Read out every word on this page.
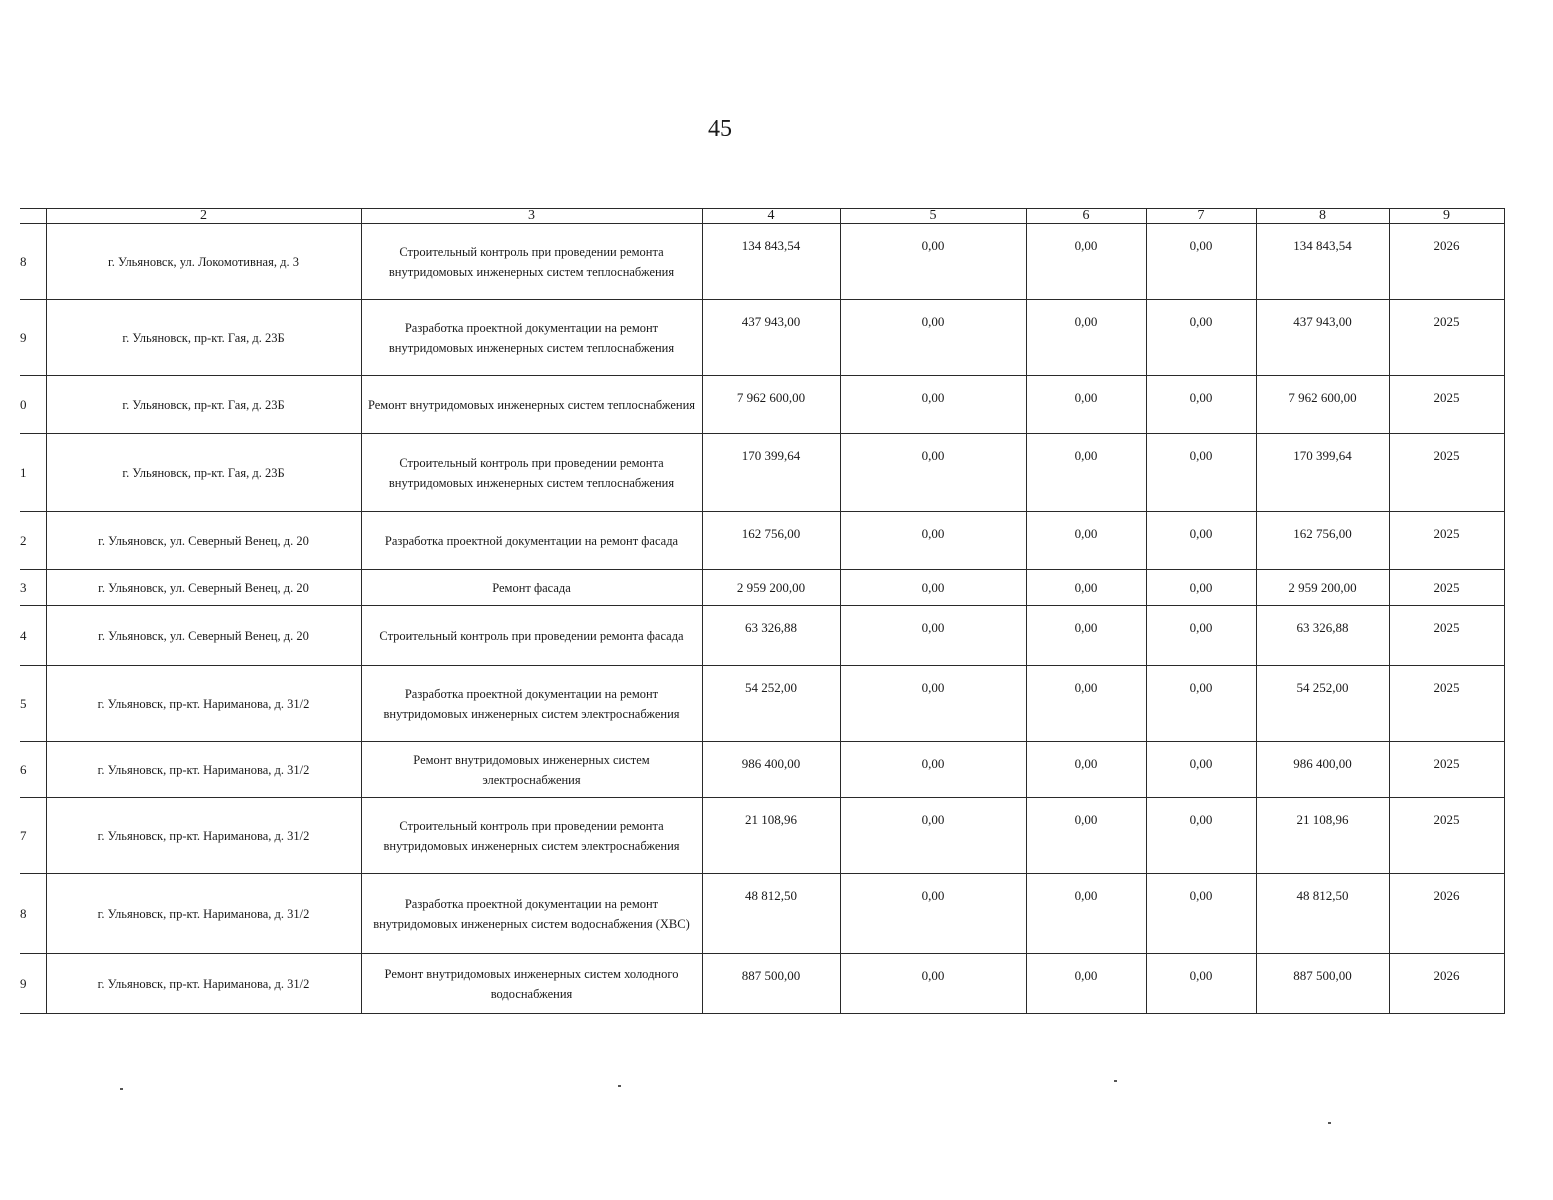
45
	2	3	4	5	6	7	8	9
8	г. Ульяновск, ул. Локомотивная, д. 3	Строительный контроль при проведении ремонта внутридомовых инженерных систем теплоснабжения	134 843,54	0,00	0,00	0,00	134 843,54	2026
9	г. Ульяновск, пр-кт. Гая, д. 23Б	Разработка проектной документации на ремонт внутридомовых инженерных систем теплоснабжения	437 943,00	0,00	0,00	0,00	437 943,00	2025
0	г. Ульяновск, пр-кт. Гая, д. 23Б	Ремонт внутридомовых инженерных систем теплоснабжения	7 962 600,00	0,00	0,00	0,00	7 962 600,00	2025
1	г. Ульяновск, пр-кт. Гая, д. 23Б	Строительный контроль при проведении ремонта внутридомовых инженерных систем теплоснабжения	170 399,64	0,00	0,00	0,00	170 399,64	2025
2	г. Ульяновск, ул. Северный Венец, д. 20	Разработка проектной документации на ремонт фасада	162 756,00	0,00	0,00	0,00	162 756,00	2025
3	г. Ульяновск, ул. Северный Венец, д. 20	Ремонт фасада	2 959 200,00	0,00	0,00	0,00	2 959 200,00	2025
4	г. Ульяновск, ул. Северный Венец, д. 20	Строительный контроль при проведении ремонта фасада	63 326,88	0,00	0,00	0,00	63 326,88	2025
5	г. Ульяновск, пр-кт. Нариманова, д. 31/2	Разработка проектной документации на ремонт внутридомовых инженерных систем электроснабжения	54 252,00	0,00	0,00	0,00	54 252,00	2025
6	г. Ульяновск, пр-кт. Нариманова, д. 31/2	Ремонт внутридомовых инженерных систем электроснабжения	986 400,00	0,00	0,00	0,00	986 400,00	2025
7	г. Ульяновск, пр-кт. Нариманова, д. 31/2	Строительный контроль при проведении ремонта внутридомовых инженерных систем электроснабжения	21 108,96	0,00	0,00	0,00	21 108,96	2025
8	г. Ульяновск, пр-кт. Нариманова, д. 31/2	Разработка проектной документации на ремонт внутридомовых инженерных систем водоснабжения (ХВС)	48 812,50	0,00	0,00	0,00	48 812,50	2026
9	г. Ульяновск, пр-кт. Нариманова, д. 31/2	Ремонт внутридомовых инженерных систем холодного водоснабжения	887 500,00	0,00	0,00	0,00	887 500,00	2026
